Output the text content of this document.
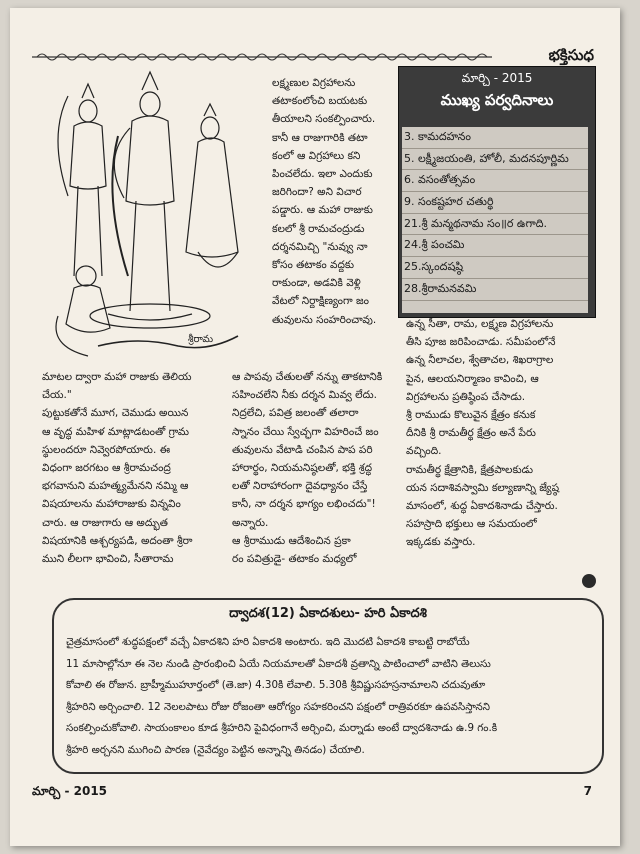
భక్తిసుధ
శ్రీరామ
లక్ష్మణుల విగ్రహాలను
తటాకంలోంచి బయటకు
తీయాలని సంకల్పించారు.
కానీ ఆ రాజుగారికి తటా
కంలో ఆ విగ్రహాలు కని
పించలేదు. ఇలా ఎందుకు
జరిగిందా? అని విచార
పడ్డారు. ఆ మహా రాజుకు
కలలో శ్రీ రామచంద్రుడు
దర్శనమిచ్చి "నువ్వు నా
కోసం తటాకం వద్దకు
రాకుండా, అడవికి వెళ్లి
వేటలో నిర్దాక్షిణ్యంగా జం
తువులను సంహరించావు.
మార్చి - 2015
ముఖ్య పర్వదినాలు
3. కామదహనం
5. లక్ష్మీజయంతి, హోలీ, మదనపూర్ణిమ
6. వసంతోత్సవం
9. సంకష్టహర చతుర్థి
21.శ్రీ మన్మథనామ సం॥ర ఉగాది.
24.శ్రీ పంచమి
25.స్కందషష్ఠి
28.శ్రీరామనవమి
మాటల ద్వారా మహా రాజుకు తెలియ
చేయ."
పుట్టుకతోనే మూగ, చెముడు అయిన
ఆ వృద్ధ మహిళ మాట్లాడటంతో గ్రామ
స్థులందరూ నివ్వెరపోయారు. ఈ
విధంగా జరగటం ఆ శ్రీరామచంద్ర
భగవానుని మహత్మ్యమేనని నమ్మి ఆ
విషయాలను మహారాజుకు విన్నవిం
చారు. ఆ రాజుగారు ఆ అద్భుత
విషయానికి ఆశ్చర్యపడి, అదంతా శ్రీరా
ముని లీలగా భావించి, సీతారామ
ఆ పాపవు చేతులతో నన్ను తాకటానికి
సహించలేని నీకు దర్శన మివ్వ లేదు.
నిద్రలేచి, పవిత్ర జలంతో తలారా
స్నానం చేయి స్వేచ్ఛగా విహరించే జం
తువులను వేటాడి చంపిన పాప పరి
హారార్థం, నియమనిష్ఠలతో, భక్తి శ్రద్ధ
లతో నిరాహారంగా దైవధ్యానం చేస్తే
కానీ, నా దర్శన భాగ్యం లభించదు"!
అన్నారు.
ఆ శ్రీరాముడు ఆదేశించిన ప్రకా
రం పవిత్రుడై- తటాకం మధ్యలో
ఉన్న సీతా, రామ, లక్ష్మణ విగ్రహాలను
తీసి పూజ జరిపించాడు. సమీపంలోనే
ఉన్న నీలాచల, శ్వేతాచల, శిఖరాగ్రాల
పైన, ఆలయనిర్మాణం కావించి, ఆ
విగ్రహాలను ప్రతిష్ఠింప చేసాడు.
శ్రీ రాముడు కొలువైన క్షేత్రం కనుక
దీనికి శ్రీ రామతీర్థ క్షేత్రం అనే పేరు
వచ్చింది.
రామతీర్థ క్షేత్రానికి, క్షేత్రపాలకుడు
యన సదాశివస్వామి కల్యాణాన్ని జ్యేష్ఠ
మాసంలో, శుద్ధ ఏకాదశినాడు చేస్తారు.
సహస్రాది భక్తులు ఆ సమయంలో
ఇక్కడకు వస్తారు.
ద్వాదశ(12) ఏకాదశులు- హరి ఏకాదశి
చైత్రమాసంలో శుద్ధపక్షంలో వచ్చే ఏకాదశిని హరి ఏకాదశి అంటారు. ఇది మొదటి ఏకాదశి కాబట్టి రాబోయే
11 మాసాల్లోనూ ఈ నెల నుండి ప్రారంభించి ఏయే నియమాలతో ఏకాదశీ వ్రతాన్ని పాటించాలో వాటిని తెలుసు
కోవాలి ఈ రోజున. బ్రాహ్మీముహూర్తంలో (తె.జా) 4.30కి లేవాలి. 5.30కి శ్రీవిష్ణుసహస్రనామాలని చదువుతూ
శ్రీహరిని అర్చించాలి. 12 నెలలపాటు రోజు రోజంతా ఆరోగ్యం సహకరించని పక్షంలో రాత్రివరకూ ఉపవసిస్తానని
సంకల్పించుకోవాలి. సాయంకాలం కూడ శ్రీహరిని పైవిధంగానే అర్చించి, మర్నాడు అంటే ద్వాదశినాడు ఉ.9 గం.కి
శ్రీహరి అర్చనని ముగించి పారణ (నైవేద్యం పెట్టిన అన్నాన్ని తినడం) చేయాలి.
మార్చి - 2015	7
